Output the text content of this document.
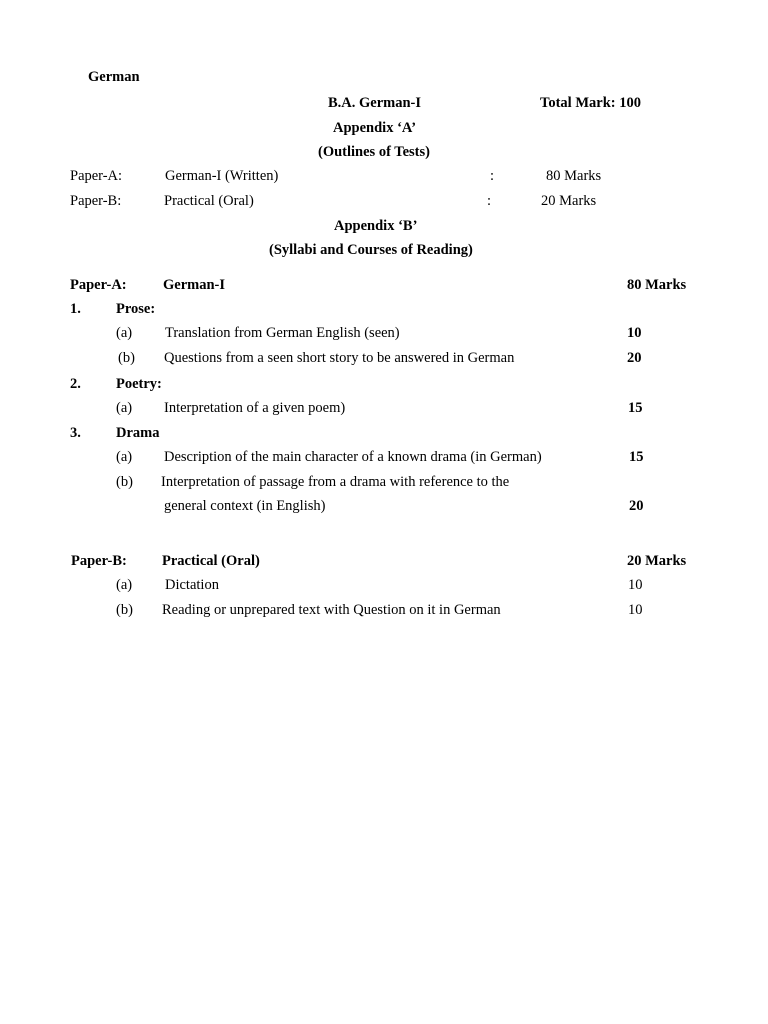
German
B.A. German-I	Total Mark: 100
Appendix ‘A’
(Outlines of Tests)
Paper-A:	German-I (Written)	:	80 Marks
Paper-B:	Practical (Oral)	:	20 Marks
Appendix ‘B’
(Syllabi and Courses of Reading)
Paper-A:	German-I	80 Marks
1. Prose:
(a) Translation from German English (seen)	10
(b) Questions from a seen short story to be answered in German	20
2. Poetry:
(a) Interpretation of a given poem)	15
3. Drama
(a) Description of the main character of a known drama (in German)	15
(b) Interpretation of passage from a drama with reference to the
general context (in English)	20
Paper-B: Practical (Oral)	20 Marks
(a) Dictation	10
(b) Reading or unprepared text with Question on it in German	10
